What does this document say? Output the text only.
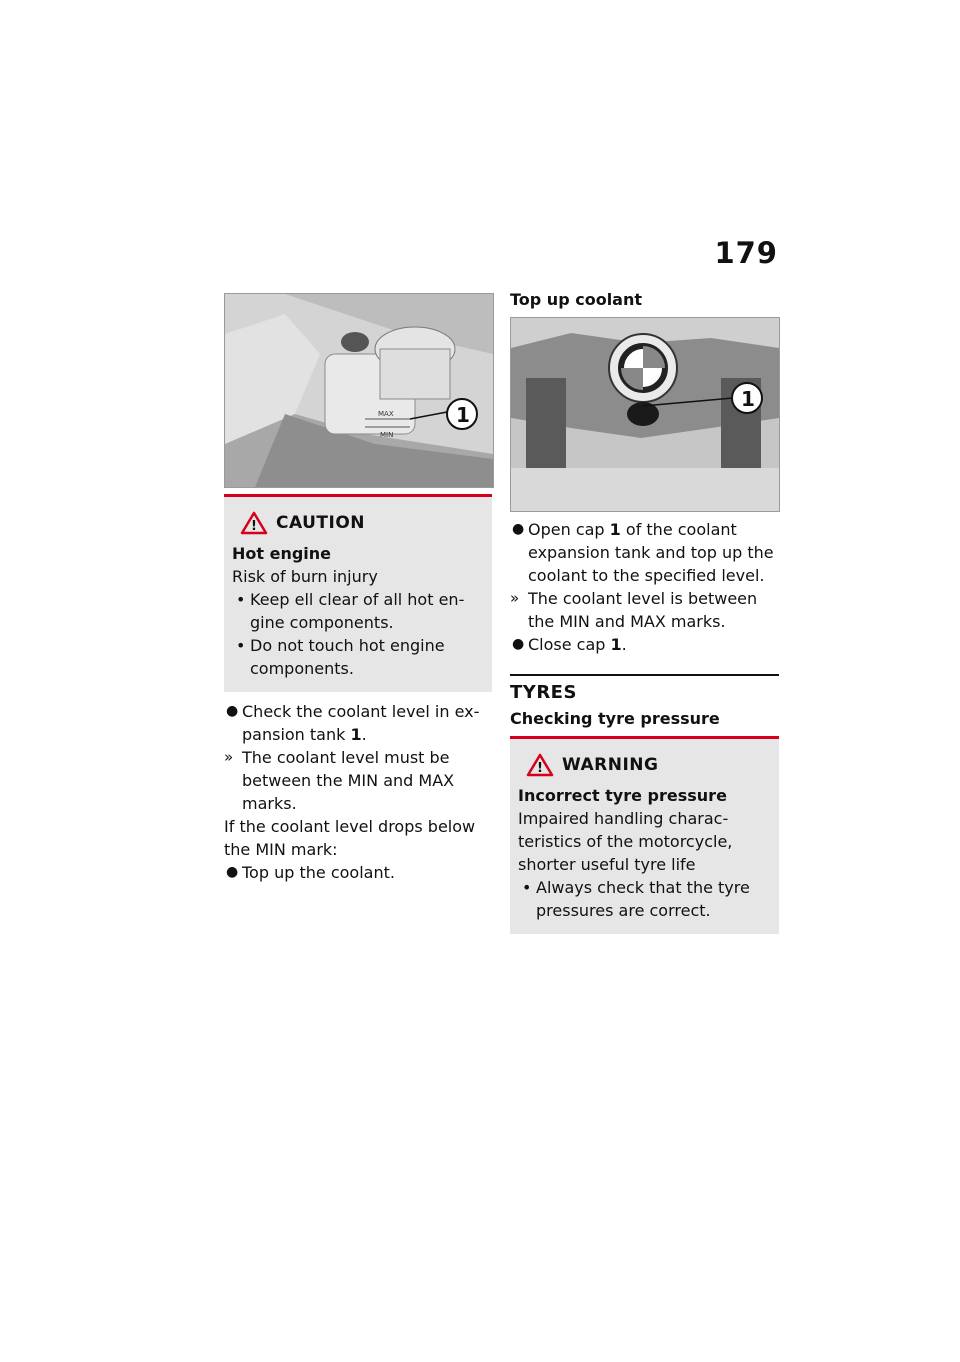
179
MAX
MIN
1
! CAUTION
Hot engine
Risk of burn injury
• Keep ell clear of all hot en-gine components.
• Do not touch hot engine components.
● Check the coolant level in ex-pansion tank 1.
» The coolant level must be between the MIN and MAX marks.
If the coolant level drops below the MIN mark:
● Top up the coolant.
Top up coolant
1
● Open cap 1 of the coolant expansion tank and top up the coolant to the specified level.
» The coolant level is between the MIN and MAX marks.
● Close cap 1.
TYRES
Checking tyre pressure
! WARNING
Incorrect tyre pressure
Impaired handling charac-teristics of the motorcycle, shorter useful tyre life
• Always check that the tyre pressures are correct.
